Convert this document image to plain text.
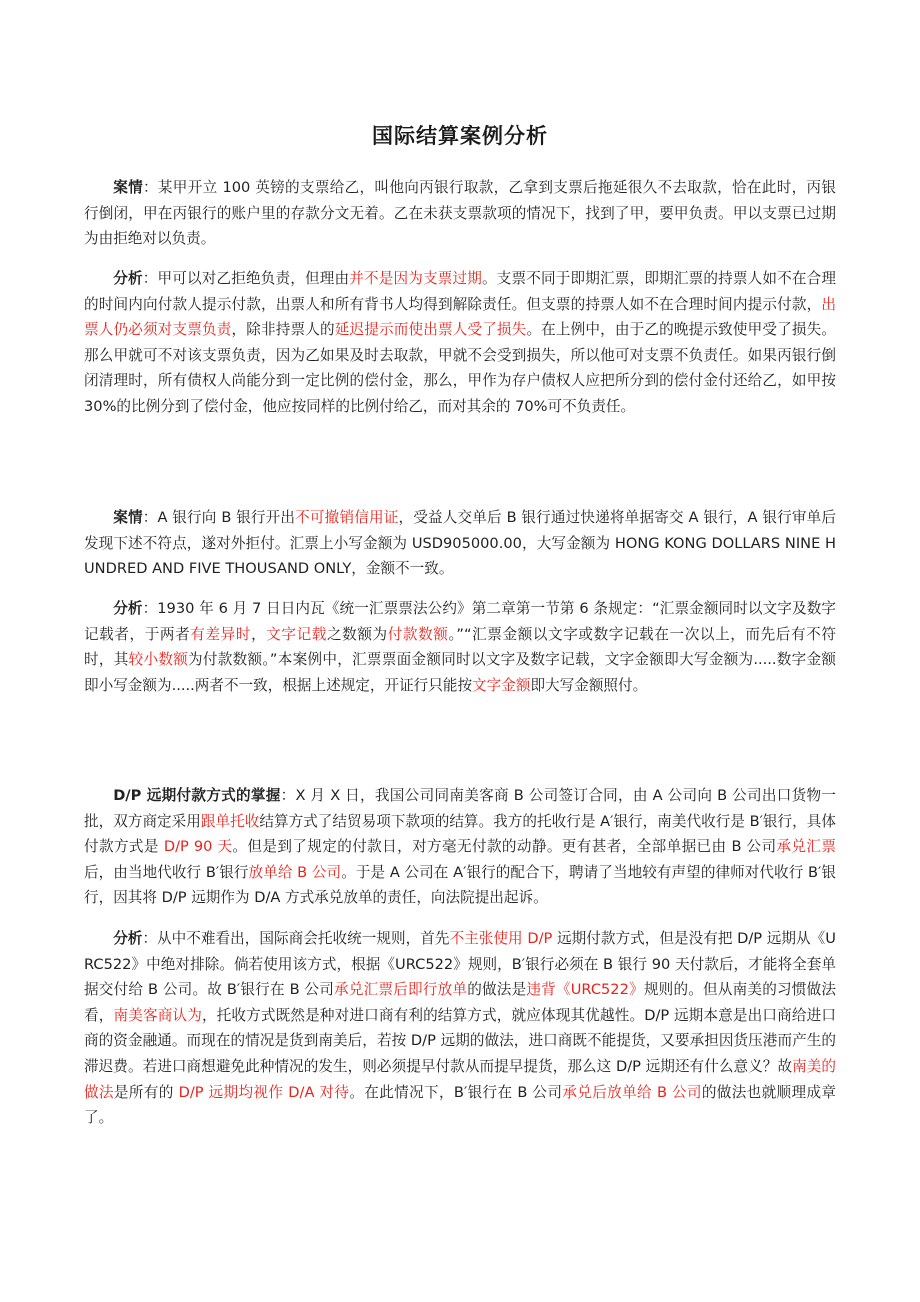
国际结算案例分析

案情：某甲开立 100 英镑的支票给乙，叫他向丙银行取款，乙拿到支票后拖延很久不去取款，恰在此时，丙银行倒闭，甲在丙银行的账户里的存款分文无着。乙在未获支票款项的情况下，找到了甲，要甲负责。甲以支票已过期为由拒绝对以负责。

分析：甲可以对乙拒绝负责，但理由并不是因为支票过期。支票不同于即期汇票，即期汇票的持票人如不在合理的时间内向付款人提示付款，出票人和所有背书人均得到解除责任。但支票的持票人如不在合理时间内提示付款，出票人仍必须对支票负责，除非持票人的延迟提示而使出票人受了损失。在上例中，由于乙的晚提示致使甲受了损失。那么甲就可不对该支票负责，因为乙如果及时去取款，甲就不会受到损失，所以他可对支票不负责任。如果丙银行倒闭清理时，所有债权人尚能分到一定比例的偿付金，那么，甲作为存户债权人应把所分到的偿付金付还给乙，如甲按 30%的比例分到了偿付金，他应按同样的比例付给乙，而对其余的 70%可不负责任。

案情：A 银行向 B 银行开出不可撤销信用证，受益人交单后 B 银行通过快递将单据寄交 A 银行，A 银行审单后发现下述不符点，遂对外拒付。汇票上小写金额为 USD905000.00，大写金额为 HONG KONG DOLLARS NINE HUNDRED AND FIVE THOUSAND ONLY，金额不一致。

分析：1930 年 6 月 7 日日内瓦《统一汇票票法公约》第二章第一节第 6 条规定：“汇票金额同时以文字及数字记载者，于两者有差异时，文字记载之数额为付款数额。”“汇票金额以文字或数字记载在一次以上，而先后有不符时，其较小数额为付款数额。”本案例中，汇票票面金额同时以文字及数字记载，文字金额即大写金额为.....数字金额即小写金额为.....两者不一致，根据上述规定，开证行只能按文字金额即大写金额照付。

D/P 远期付款方式的掌握：X 月 X 日，我国公司同南美客商 B 公司签订合同，由 A 公司向 B 公司出口货物一批，双方商定采用跟单托收结算方式了结贸易项下款项的结算。我方的托收行是 A′银行，南美代收行是 B′银行，具体付款方式是 D/P 90 天。但是到了规定的付款日，对方毫无付款的动静。更有甚者，全部单据已由 B 公司承兑汇票后，由当地代收行 B′银行放单给 B 公司。于是 A 公司在 A′银行的配合下，聘请了当地较有声望的律师对代收行 B′银行，因其将 D/P 远期作为 D/A 方式承兑放单的责任，向法院提出起诉。

分析：从中不难看出，国际商会托收统一规则，首先不主张使用 D/P 远期付款方式，但是没有把 D/P 远期从《URC522》中绝对排除。倘若使用该方式，根据《URC522》规则，B′银行必须在 B 银行 90 天付款后，才能将全套单据交付给 B 公司。故 B′银行在 B 公司承兑汇票后即行放单的做法是违背《URC522》规则的。但从南美的习惯做法看，南美客商认为，托收方式既然是种对进口商有利的结算方式，就应体现其优越性。D/P 远期本意是出口商给进口商的资金融通。而现在的情况是货到南美后，若按 D/P 远期的做法，进口商既不能提货，又要承担因货压港而产生的滞迟费。若进口商想避免此种情况的发生，则必须提早付款从而提早提货，那么这 D/P 远期还有什么意义？故南美的做法是所有的 D/P 远期均视作 D/A 对待。在此情况下，B′银行在 B 公司承兑后放单给 B 公司的做法也就顺理成章了。
